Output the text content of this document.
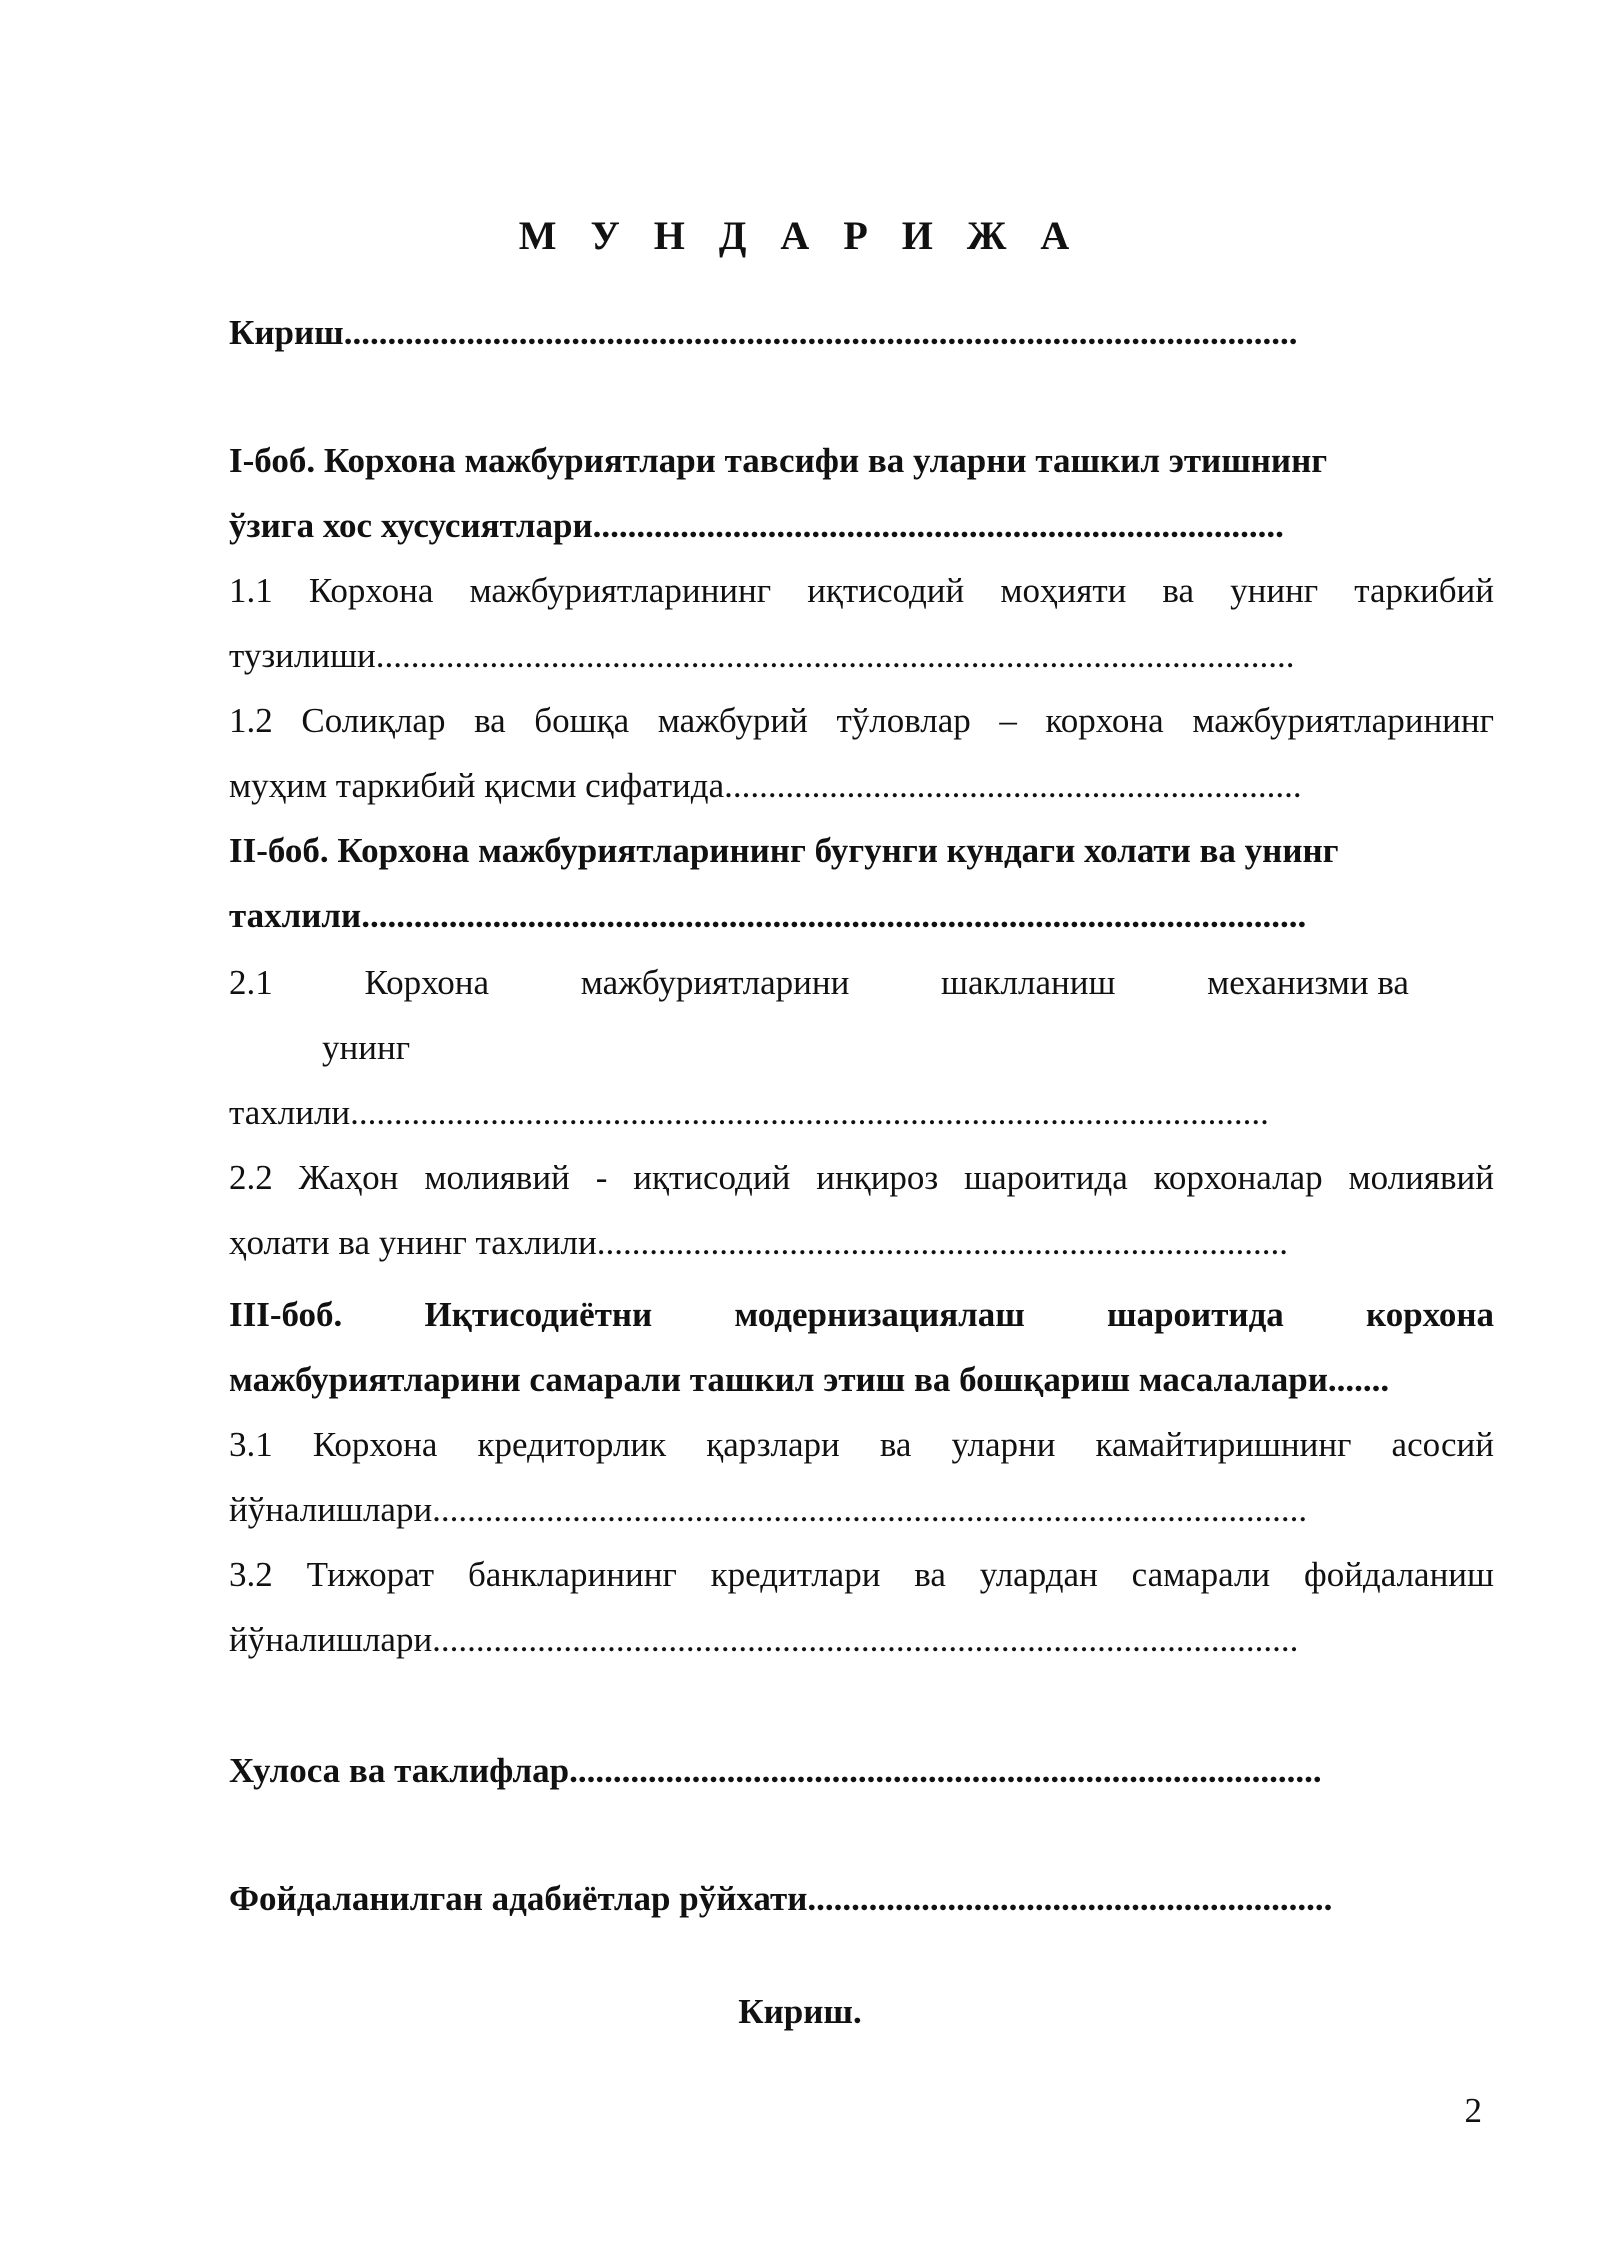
М У Н Д А Р И Ж А
Кириш.............................................................................................................
I-боб. Корхона мажбуриятлари тавсифи ва уларни ташкил этишнинг
ўзига хос хусусиятлари...............................................................................
1.1 Корхона мажбуриятларининг иқтисодий моҳияти ва унинг таркибий
тузилиши.........................................................................................................
1.2 Солиқлар ва бошқа мажбурий тўловлар – корхона мажбуриятларининг
муҳим таркибий қисми сифатида..................................................................
II-боб. Корхона мажбуриятларининг бугунги кундаги холати ва унинг
тахлили............................................................................................................
2.1	Корхона	мажбуриятларини	шаклланиш	механизми ва
унинг
тахлили.........................................................................................................
2.2 Жаҳон молиявий - иқтисодий инқироз шароитида корхоналар молиявий
ҳолати ва унинг тахлили...............................................................................
III-боб. Иқтисодиётни модернизациялаш шароитида корхона
мажбуриятларини самарали ташкил этиш ва бошқариш масалалари.......
3.1 Корхона кредиторлик қарзлари ва уларни камайтиришнинг асосий
йўналишлари....................................................................................................
3.2 Тижорат банкларининг кредитлари ва улардан самарали фойдаланиш
йўналишлари...................................................................................................
Хулоса ва таклифлар......................................................................................
Фойдаланилган адабиётлар рўйхати............................................................
Кириш.
2
